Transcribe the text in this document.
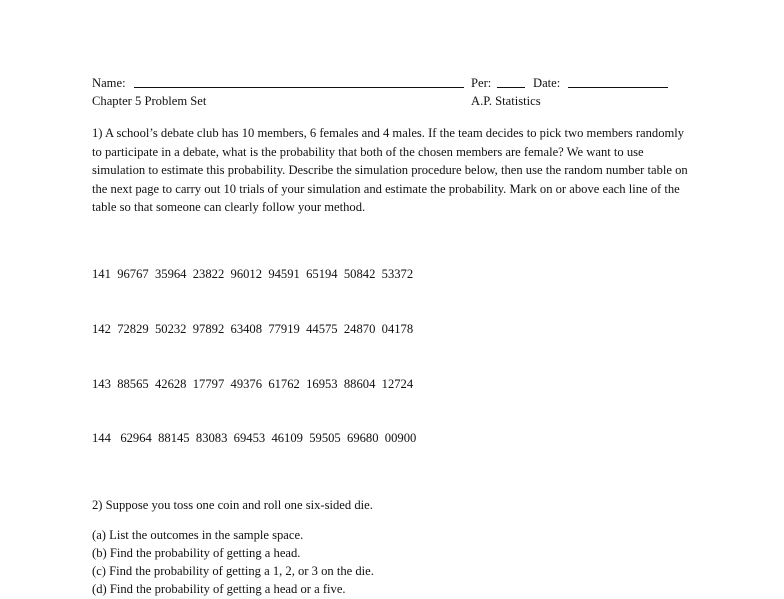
Name:	Per:	Date:
Chapter 5 Problem Set	A.P. Statistics
1) A school’s debate club has 10 members, 6 females and 4 males. If the team decides to pick two members randomly to participate in a debate, what is the probability that both of the chosen members are female? We want to use simulation to estimate this probability. Describe the simulation procedure below, then use the random number table on the next page to carry out 10 trials of your simulation and estimate the probability. Mark on or above each line of the table so that someone can clearly follow your method.

141  96767  35964  23822  96012  94591  65194  50842  53372

142  72829  50232  97892  63408  77919  44575  24870  04178

143  88565  42628  17797  49376  61762  16953  88604  12724

144   62964  88145  83083  69453  46109  59505  69680  00900

2) Suppose you toss one coin and roll one six-sided die.
(a) List the outcomes in the sample space.
(b) Find the probability of getting a head.
(c) Find the probability of getting a 1, 2, or 3 on the die.
(d) Find the probability of getting a head or a five.
